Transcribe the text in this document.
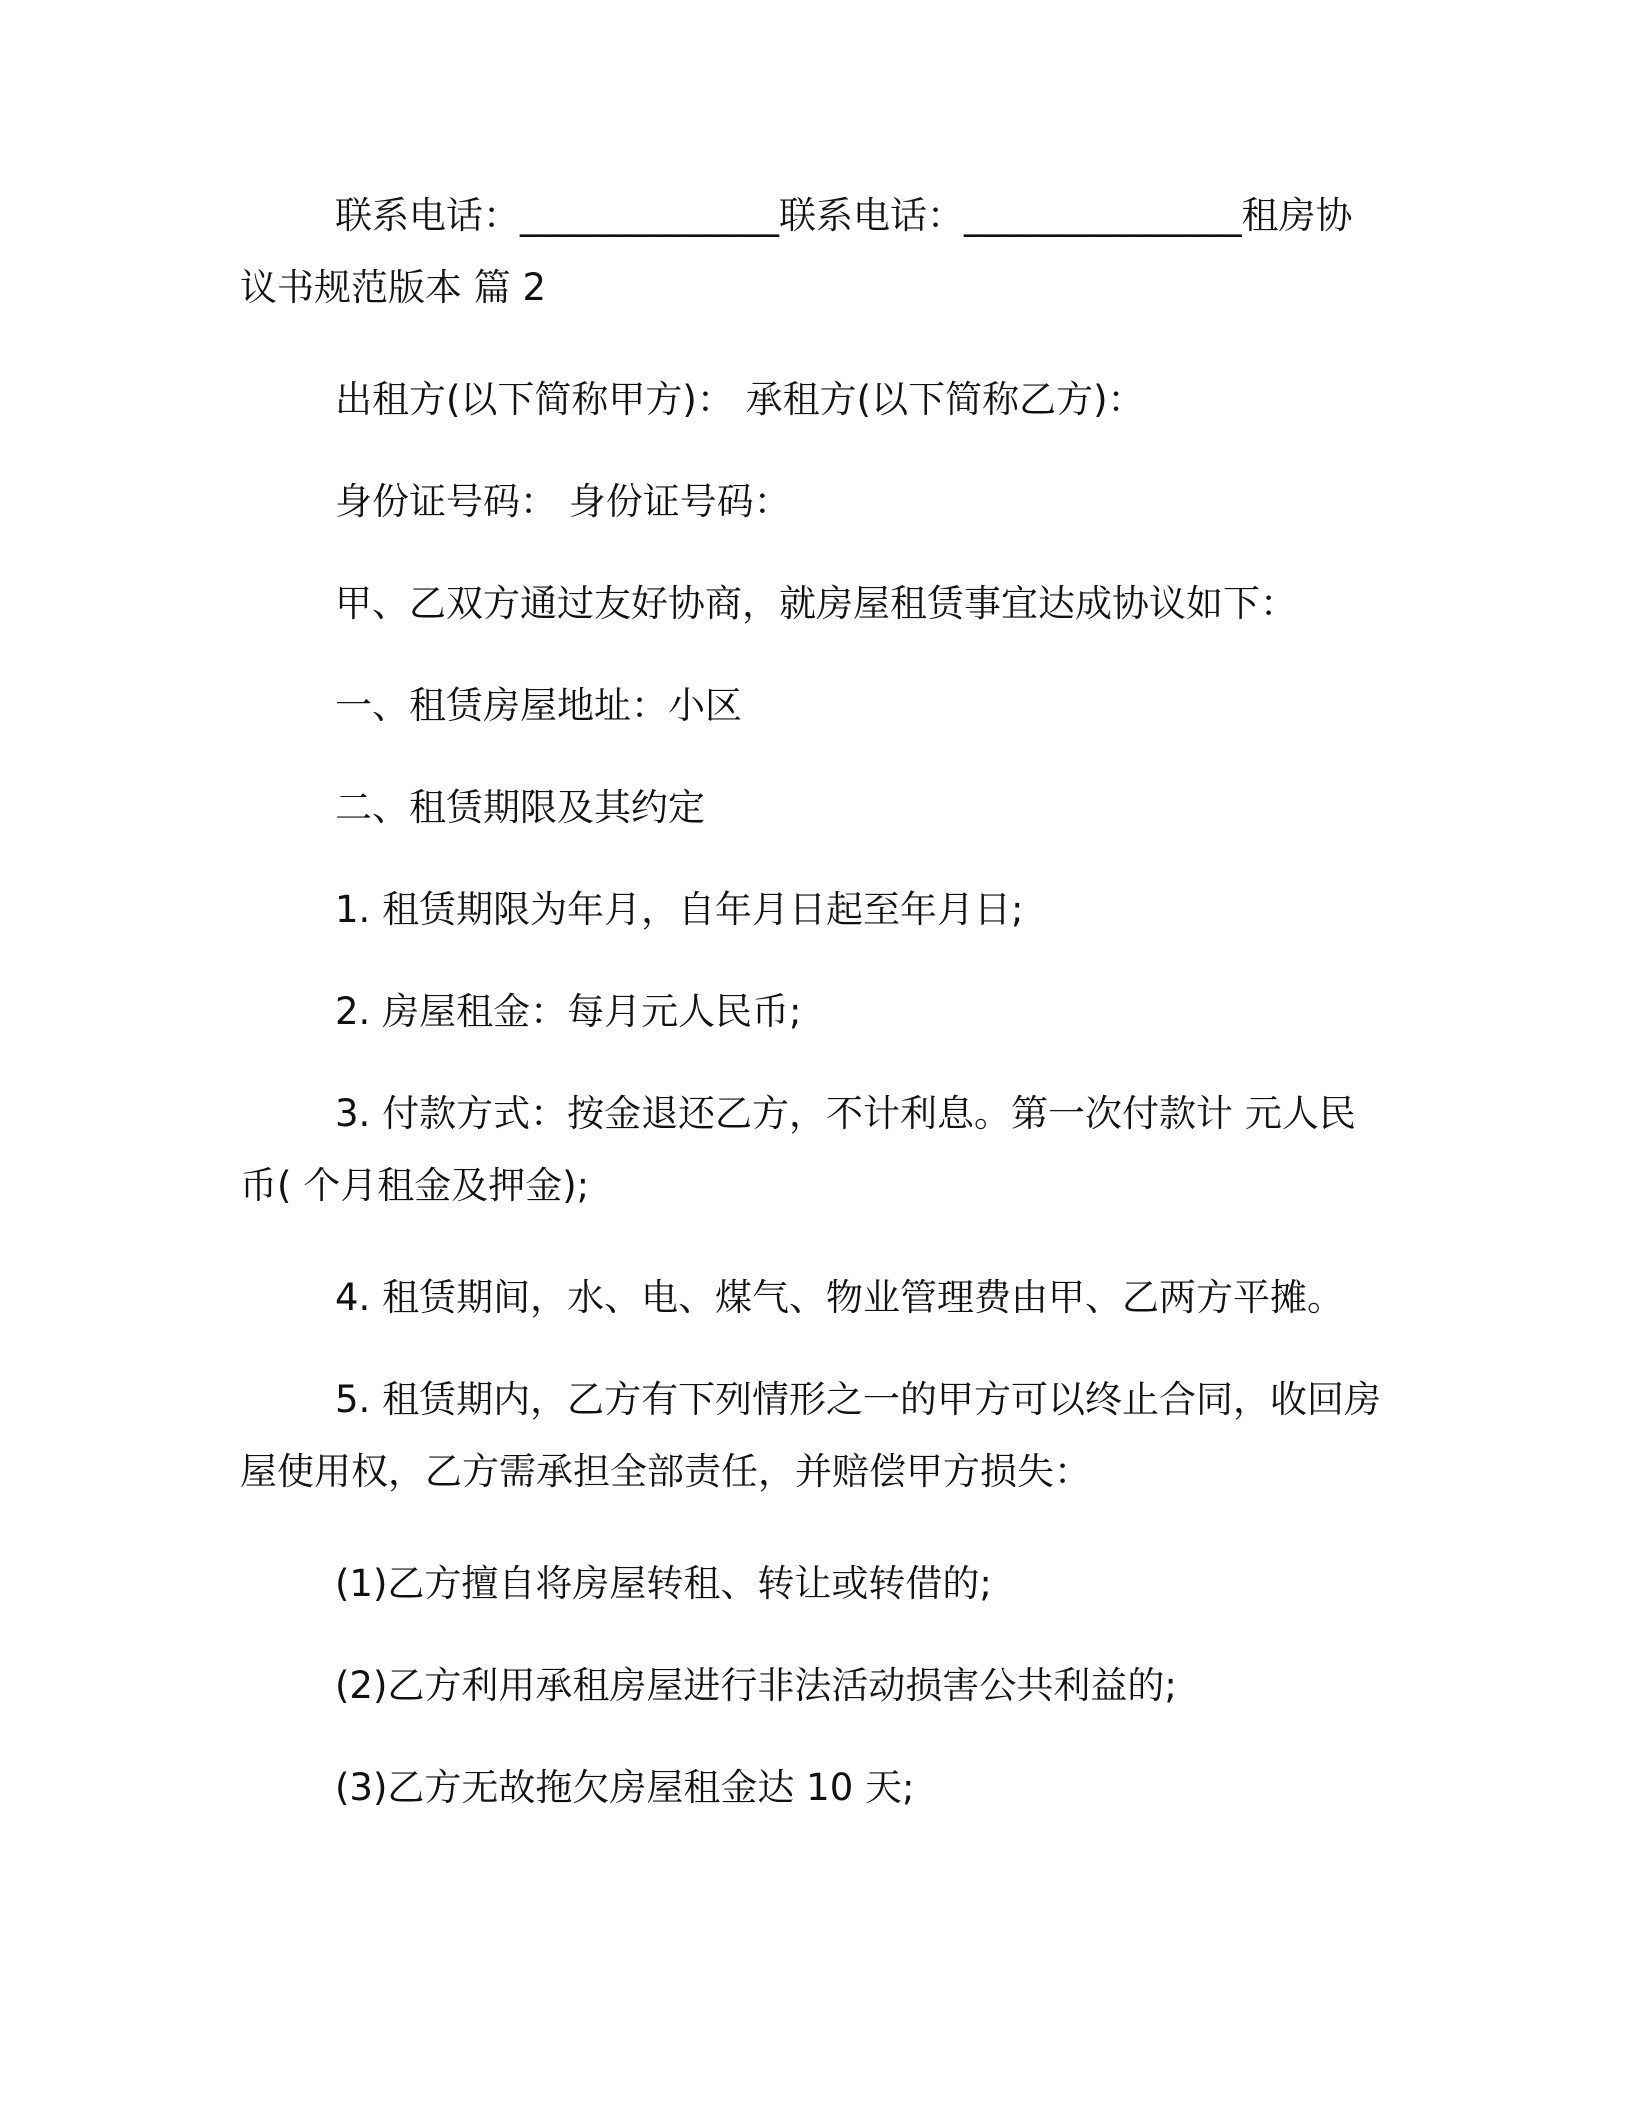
联系电话：______________联系电话：_______________租房协
议书规范版本 篇 2
出租方(以下简称甲方)： 承租方(以下简称乙方)：
身份证号码： 身份证号码：
甲、乙双方通过友好协商，就房屋租赁事宜达成协议如下：
一、租赁房屋地址：小区
二、租赁期限及其约定
1. 租赁期限为年月，自年月日起至年月日;
2. 房屋租金：每月元人民币;
3. 付款方式：按金退还乙方，不计利息。第一次付款计 元人民
币( 个月租金及押金);
4. 租赁期间，水、电、煤气、物业管理费由甲、乙两方平摊。
5. 租赁期内，乙方有下列情形之一的甲方可以终止合同，收回房
屋使用权，乙方需承担全部责任，并赔偿甲方损失：
(1)乙方擅自将房屋转租、转让或转借的;
(2)乙方利用承租房屋进行非法活动损害公共利益的;
(3)乙方无故拖欠房屋租金达 10 天;
